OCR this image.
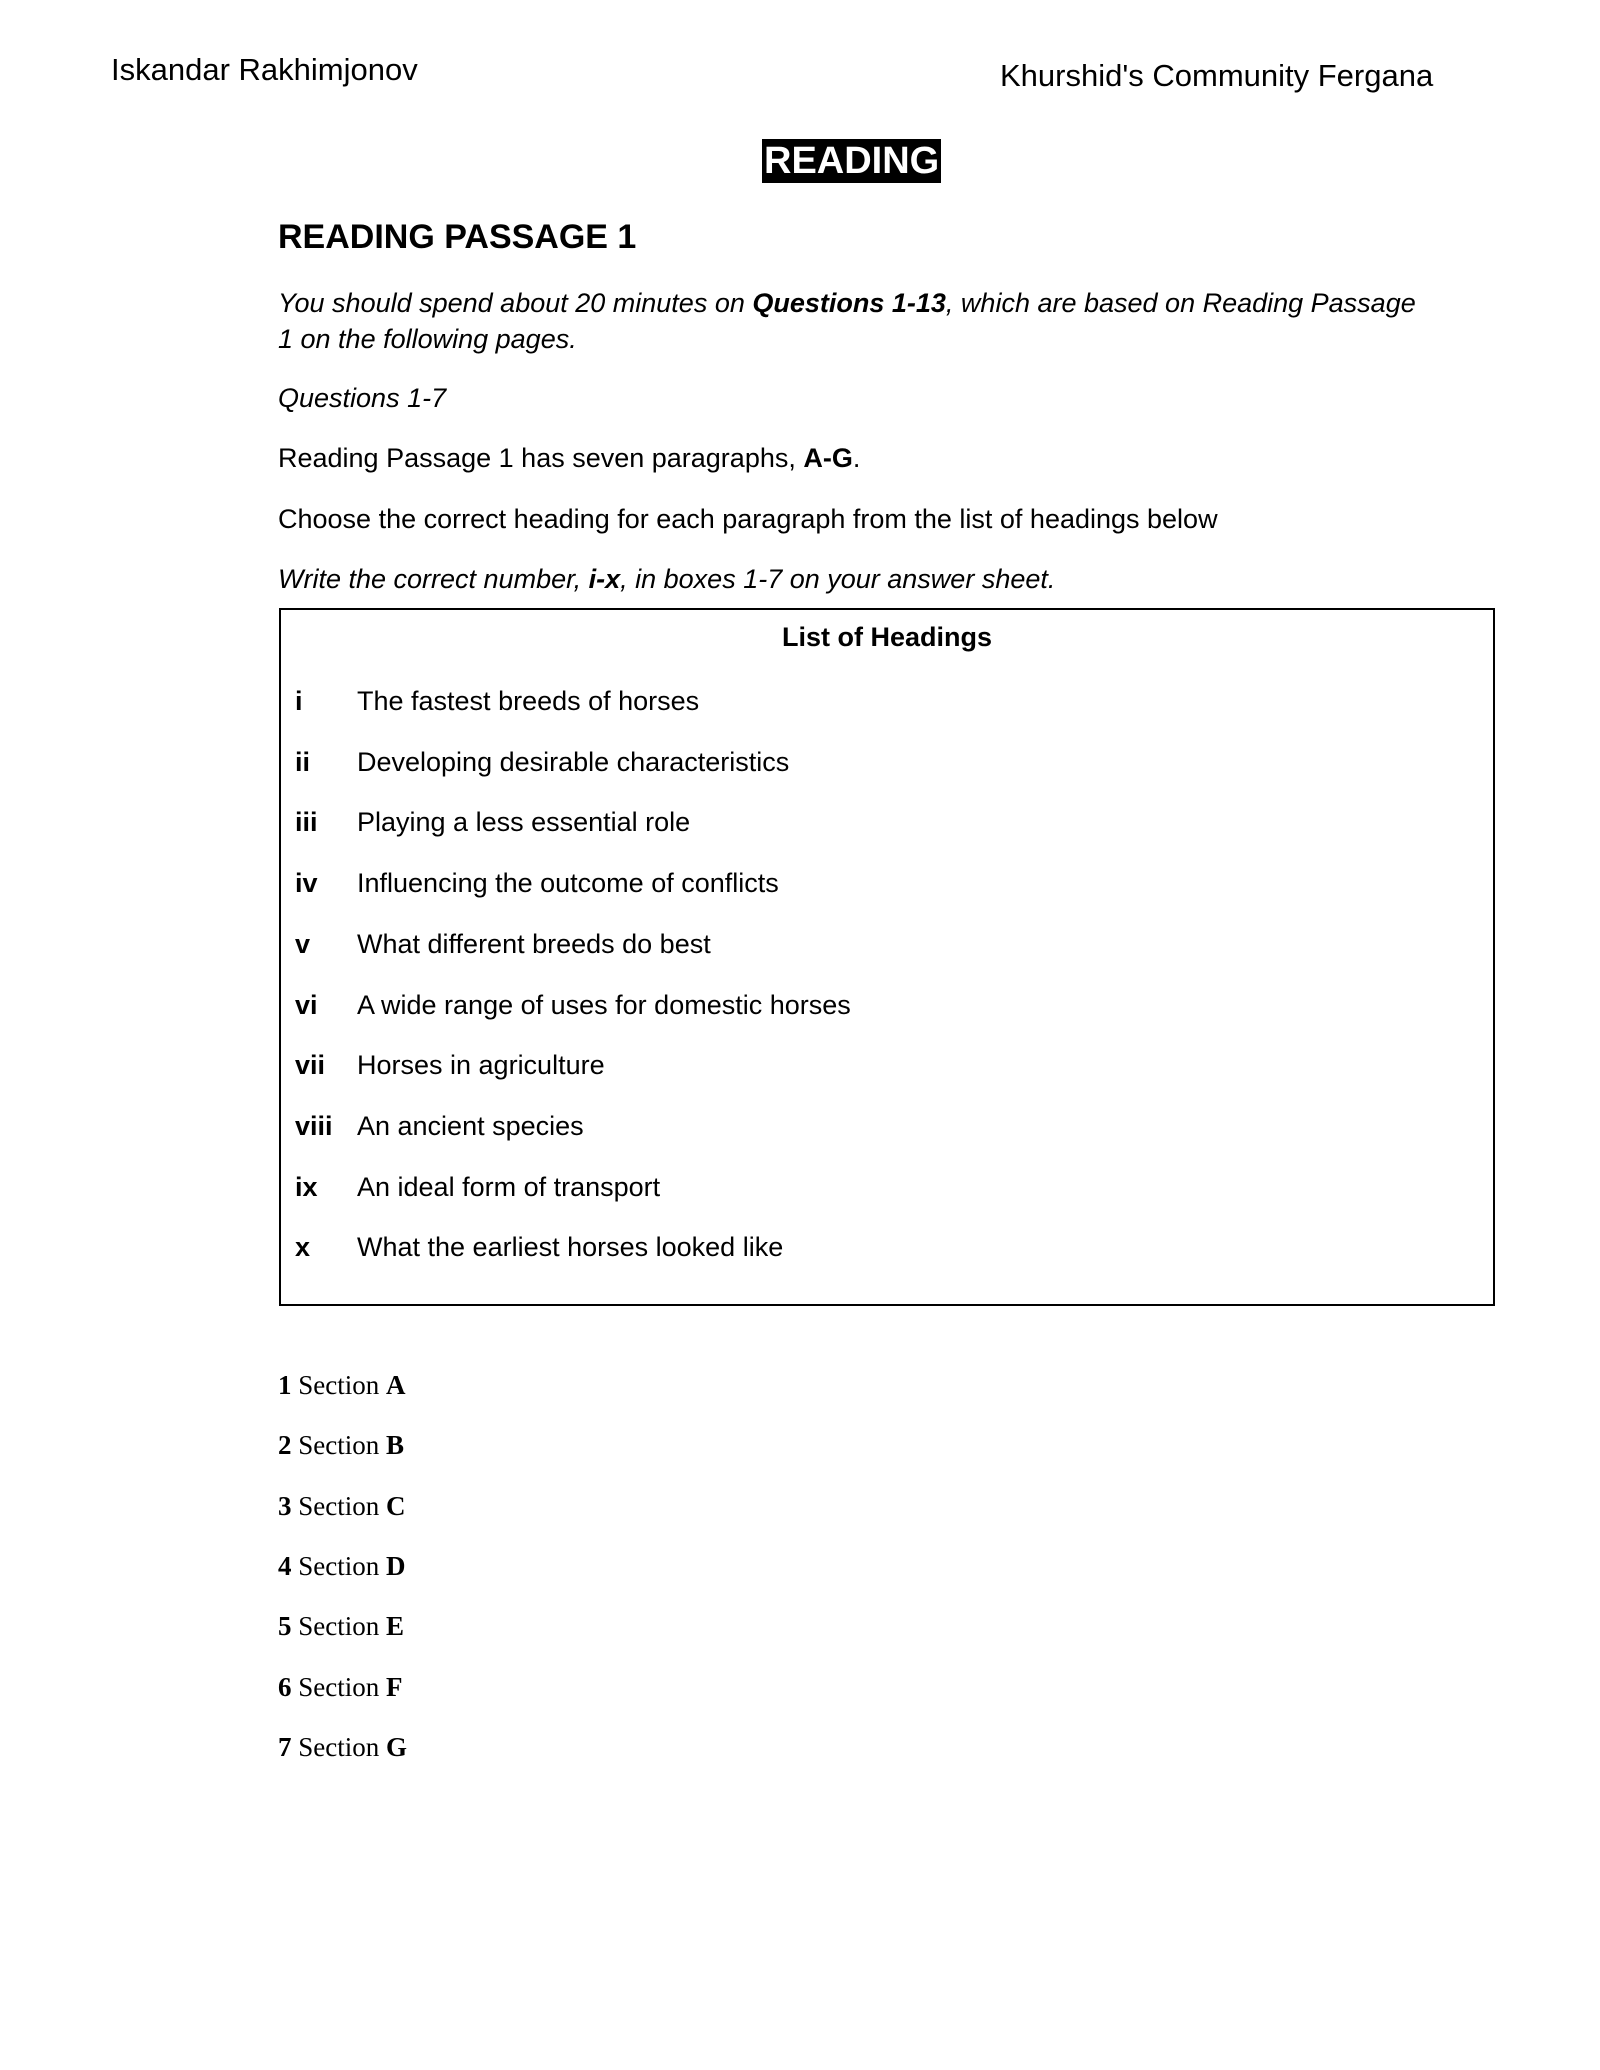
Iskandar Rakhimjonov	Khurshid's Community Fergana
READING
READING PASSAGE 1
You should spend about 20 minutes on Questions 1-13, which are based on Reading Passage 1 on the following pages.
Questions 1-7
Reading Passage 1 has seven paragraphs, A-G.
Choose the correct heading for each paragraph from the list of headings below
Write the correct number, i-x, in boxes 1-7 on your answer sheet.
List of Headings
i The fastest breeds of horses
ii Developing desirable characteristics
iii Playing a less essential role
iv Influencing the outcome of conflicts
v What different breeds do best
vi A wide range of uses for domestic horses
vii Horses in agriculture
viii An ancient species
ix An ideal form of transport
x What the earliest horses looked like
1 Section A
2 Section B
3 Section C
4 Section D
5 Section E
6 Section F
7 Section G
